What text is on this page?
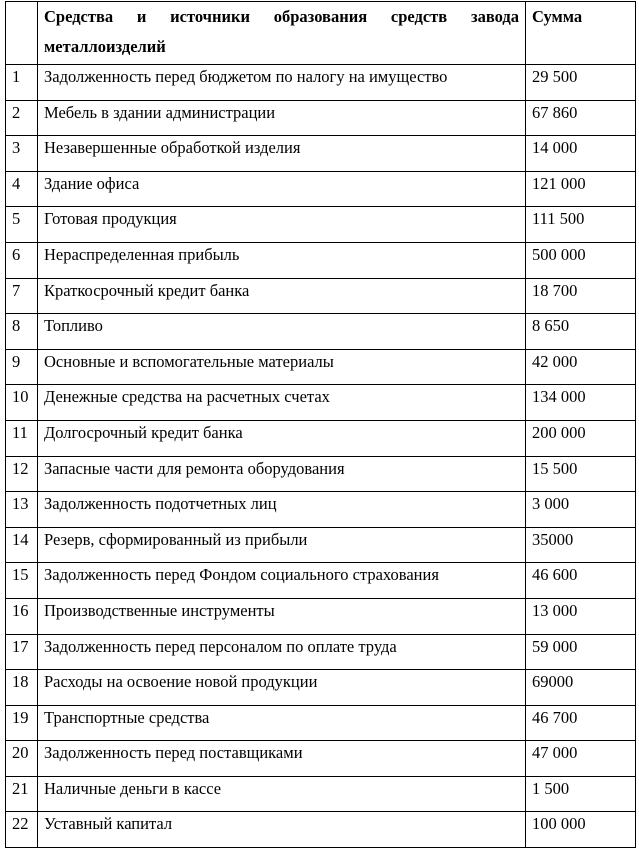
	Средства и источники образования средств завода металлоизделий	Сумма
1	Задолженность перед бюджетом по налогу на имущество	29 500
2	Мебель в здании администрации	67 860
3	Незавершенные обработкой изделия	14 000
4	Здание офиса	121 000
5	Готовая продукция	111 500
6	Нераспределенная прибыль	500 000
7	Краткосрочный кредит банка	18 700
8	Топливо	8 650
9	Основные и вспомогательные материалы	42 000
10	Денежные средства на расчетных счетах	134 000
11	Долгосрочный кредит банка	200 000
12	Запасные части для ремонта оборудования	15 500
13	Задолженность подотчетных лиц	3 000
14	Резерв, сформированный из прибыли	35000
15	Задолженность перед Фондом социального страхования	46 600
16	Производственные инструменты	13 000
17	Задолженность перед персоналом по оплате труда	59 000
18	Расходы на освоение новой продукции	69000
19	Транспортные средства	46 700
20	Задолженность перед поставщиками	47 000
21	Наличные деньги в кассе	1 500
22	Уставный капитал	100 000
